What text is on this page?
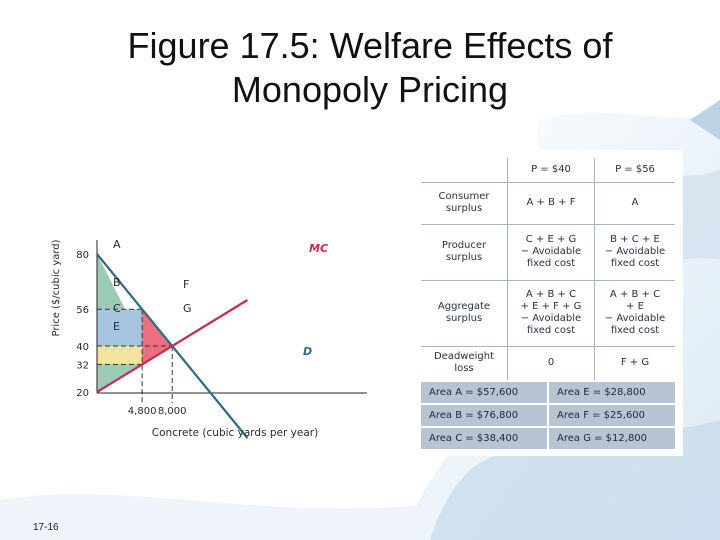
Figure 17.5: Welfare Effects of
Monopoly Pricing
MC
D
80
56
40
32
20
4,800 8,000
Concrete (cubic yards per year)
Price ($/cubic yard)	A
B
C
E
F
G
	P = $40	P = $56
Consumer
surplus	A + B + F	A
Producer
surplus	C + E + G
− Avoidable
fixed cost	B + C + E
− Avoidable
fixed cost
Aggregate
surplus	A + B + C
+ E + F + G
− Avoidable
fixed cost	A + B + C
+ E
− Avoidable
fixed cost
Deadweight
loss	0	F + G
Area A = $57,600	Area E = $28,800
Area B = $76,800	Area F = $25,600
Area C = $38,400	Area G = $12,800
17-16
